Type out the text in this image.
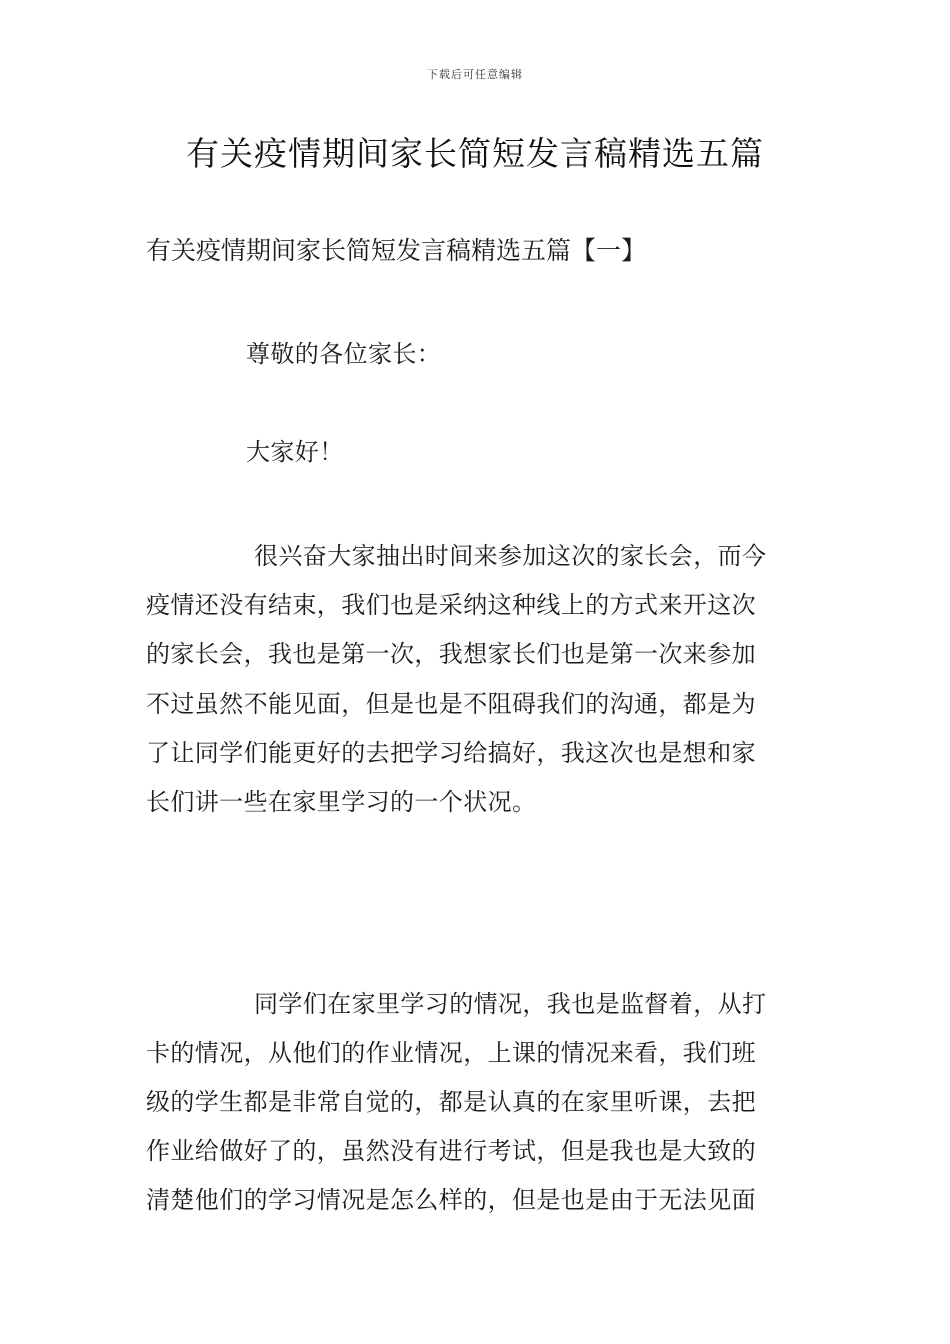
下载后可任意编辑
有关疫情期间家长简短发言稿精选五篇
有关疫情期间家长简短发言稿精选五篇【一】
尊敬的各位家长：
大家好！
很兴奋大家抽出时间来参加这次的家长会，而今
疫情还没有结束，我们也是采纳这种线上的方式来开这次
的家长会，我也是第一次，我想家长们也是第一次来参加
不过虽然不能见面，但是也是不阻碍我们的沟通，都是为
了让同学们能更好的去把学习给搞好，我这次也是想和家
长们讲一些在家里学习的一个状况。
同学们在家里学习的情况，我也是监督着，从打
卡的情况，从他们的作业情况，上课的情况来看，我们班
级的学生都是非常自觉的，都是认真的在家里听课，去把
作业给做好了的，虽然没有进行考试，但是我也是大致的
清楚他们的学习情况是怎么样的，但是也是由于无法见面
